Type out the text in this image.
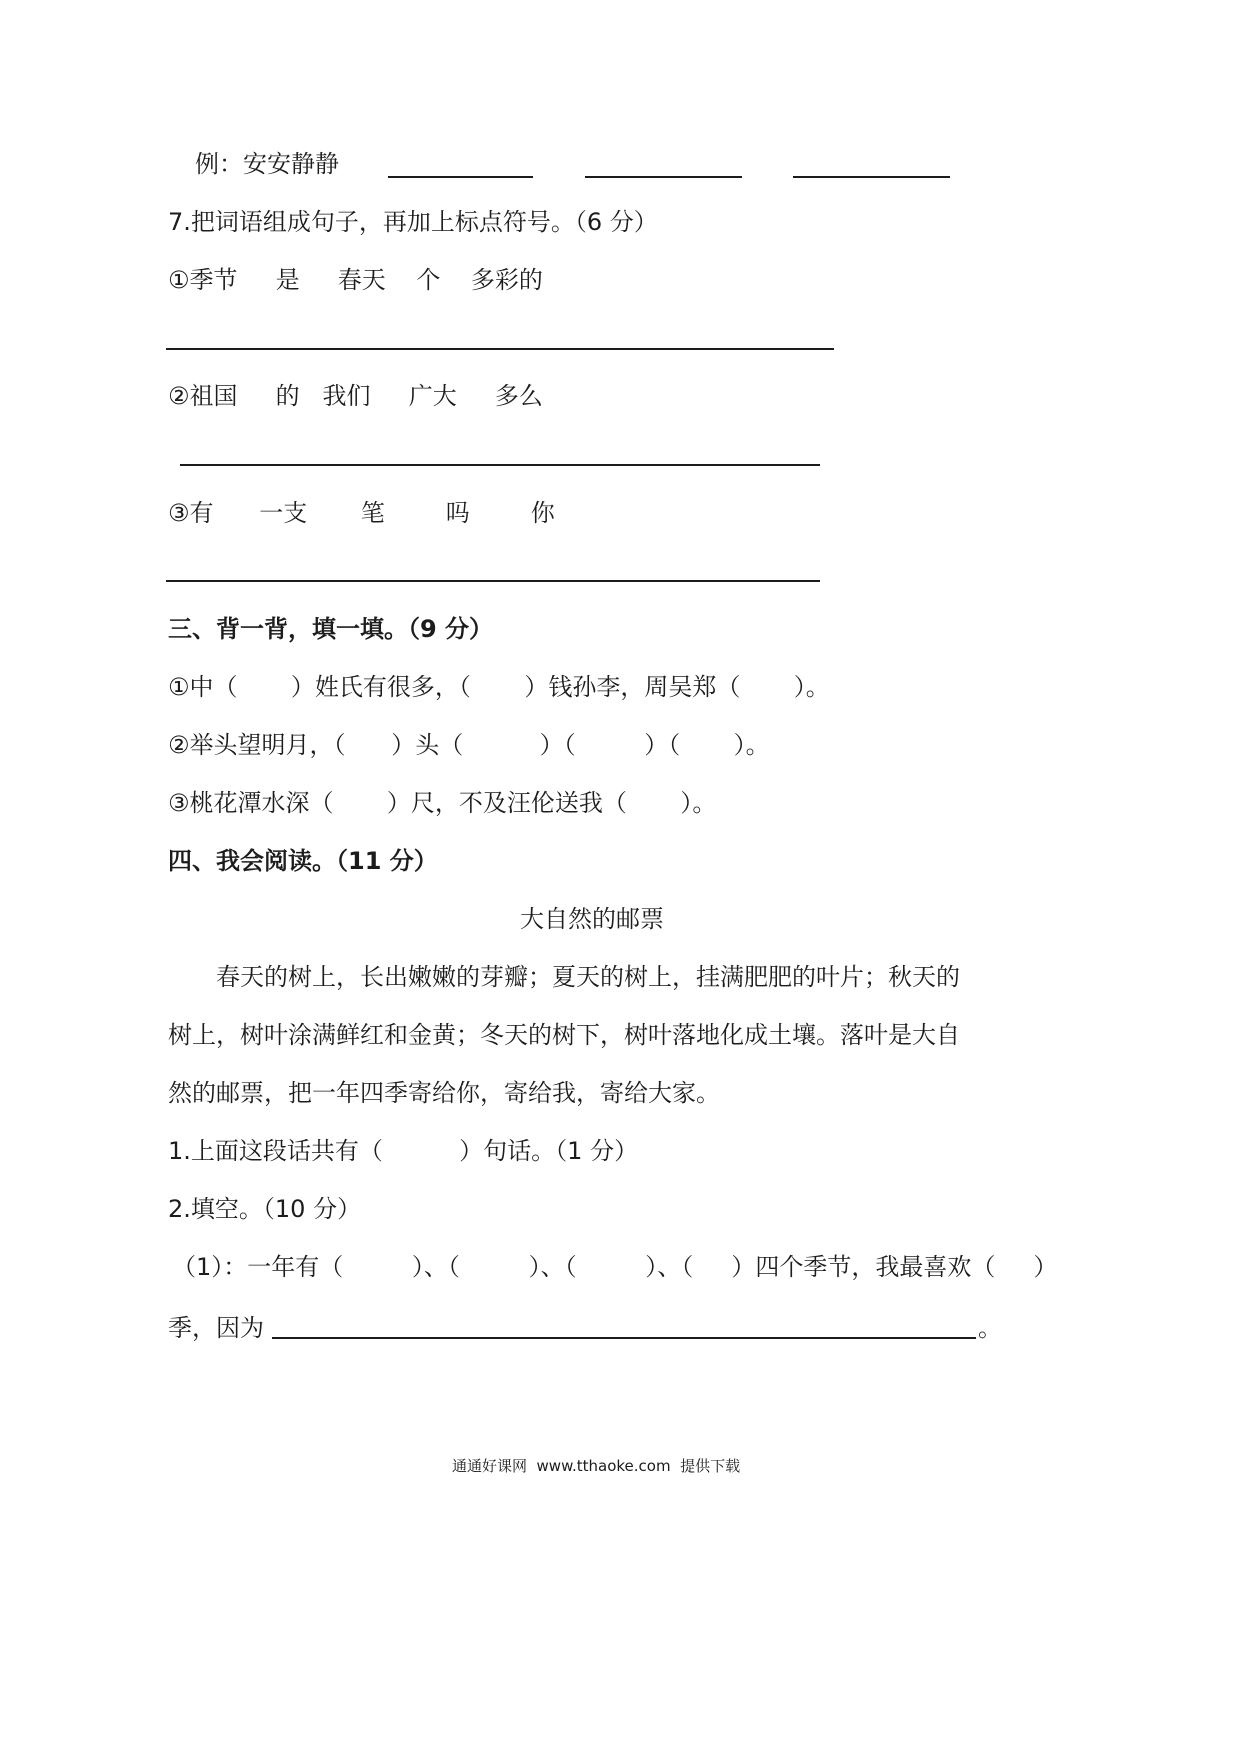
例：安安静静
7.把词语组成句子，再加上标点符号。（6 分）
①季节     是     春天    个    多彩的
②祖国     的   我们     广大     多么
③有      一支       笔        吗        你
三、背一背，填一填。（9 分）
①中（       ）姓氏有很多，（       ）钱孙李，周吴郑（       ）。
②举头望明月，（      ）头（          ）（         ）（       ）。
③桃花潭水深（       ）尺，不及汪伦送我（       ）。
四、我会阅读。（11 分）
大自然的邮票
春天的树上，长出嫩嫩的芽瓣；夏天的树上，挂满肥肥的叶片；秋天的
树上，树叶涂满鲜红和金黄；冬天的树下，树叶落地化成土壤。落叶是大自
然的邮票，把一年四季寄给你，寄给我，寄给大家。
1.上面这段话共有（          ）句话。（1 分）
2.填空。（10 分）
（1）：一年有（         ）、（         ）、（         ）、（     ）四个季节，我最喜欢（     ）
季，因为	。
通通好课网  www.tthaoke.com  提供下载
